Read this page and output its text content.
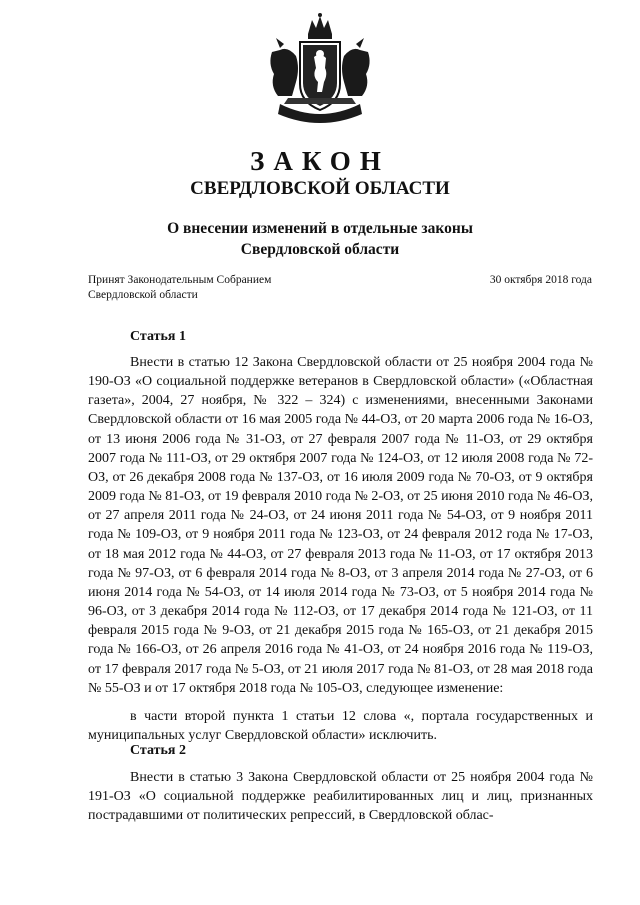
ЗАКОН
СВЕРДЛОВСКОЙ ОБЛАСТИ
О внесении изменений в отдельные законы
Свердловской области
Принят Законодательным Собранием
Свердловской области
30 октября 2018 года
Статья 1
Внести в статью 12 Закона Свердловской области от 25 ноября 2004 года № 190-ОЗ «О социальной поддержке ветеранов в Свердловской области» («Областная газета», 2004, 27 ноября, № 322 – 324) с изменениями, внесенными Законами Свердловской области от 16 мая 2005 года № 44-ОЗ, от 20 марта 2006 года № 16-ОЗ, от 13 июня 2006 года № 31-ОЗ, от 27 февраля 2007 года № 11-ОЗ, от 29 октября 2007 года № 111-ОЗ, от 29 октября 2007 года № 124-ОЗ, от 12 июля 2008 года № 72-ОЗ, от 26 декабря 2008 года № 137-ОЗ, от 16 июля 2009 года № 70-ОЗ, от 9 октября 2009 года № 81-ОЗ, от 19 февраля 2010 года № 2-ОЗ, от 25 июня 2010 года № 46-ОЗ, от 27 апреля 2011 года № 24-ОЗ, от 24 июня 2011 года № 54-ОЗ, от 9 ноября 2011 года № 109-ОЗ, от 9 ноября 2011 года № 123-ОЗ, от 24 февраля 2012 года № 17-ОЗ, от 18 мая 2012 года № 44-ОЗ, от 27 февраля 2013 года № 11-ОЗ, от 17 октября 2013 года № 97-ОЗ, от 6 февраля 2014 года № 8-ОЗ, от 3 апреля 2014 года № 27-ОЗ, от 6 июня 2014 года № 54-ОЗ, от 14 июля 2014 года № 73-ОЗ, от 5 ноября 2014 года № 96-ОЗ, от 3 декабря 2014 года № 112-ОЗ, от 17 декабря 2014 года № 121-ОЗ, от 11 февраля 2015 года № 9-ОЗ, от 21 декабря 2015 года № 165-ОЗ, от 21 декабря 2015 года № 166-ОЗ, от 26 апреля 2016 года № 41-ОЗ, от 24 ноября 2016 года № 119-ОЗ, от 17 февраля 2017 года № 5-ОЗ, от 21 июля 2017 года № 81-ОЗ, от 28 мая 2018 года № 55-ОЗ и от 17 октября 2018 года № 105-ОЗ, следующее изменение:
в части второй пункта 1 статьи 12 слова «, портала государственных и муниципальных услуг Свердловской области» исключить.
Статья 2
Внести в статью 3 Закона Свердловской области от 25 ноября 2004 года № 191-ОЗ «О социальной поддержке реабилитированных лиц и лиц, признанных пострадавшими от политических репрессий, в Свердловской облас-
